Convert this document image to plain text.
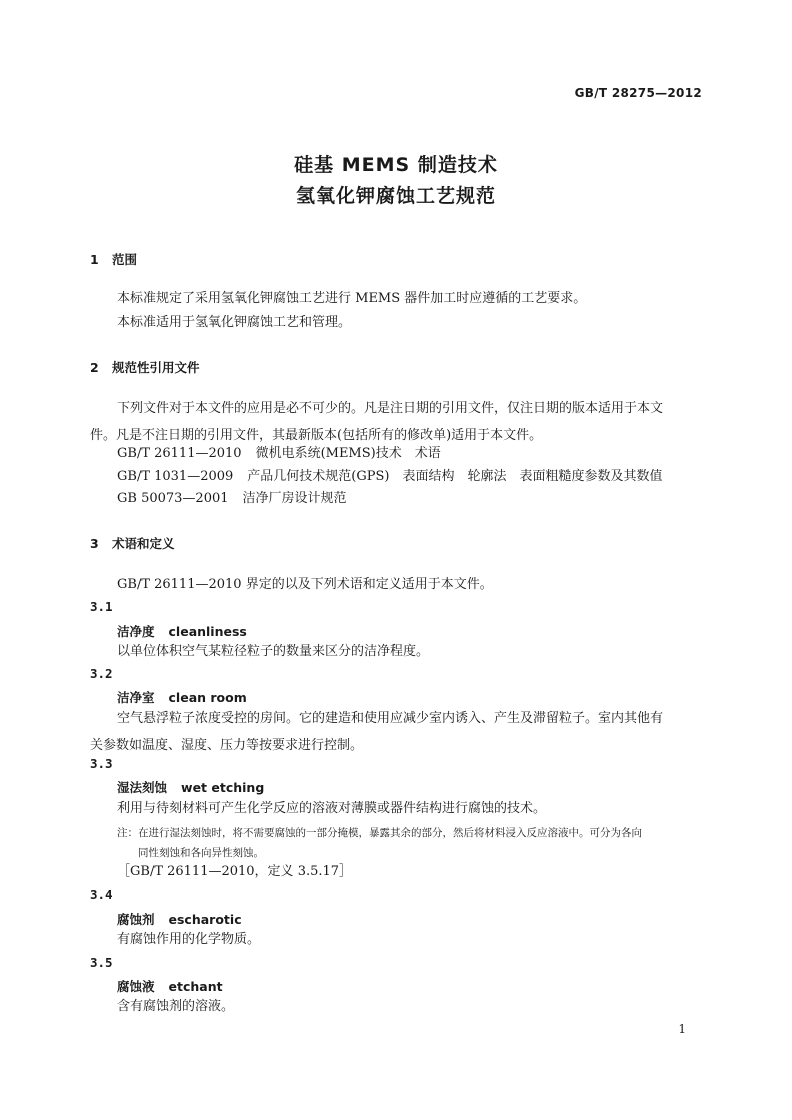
GB/T 28275—2012
硅基 MEMS 制造技术
氢氧化钾腐蚀工艺规范
1 范围
本标准规定了采用氢氧化钾腐蚀工艺进行 MEMS 器件加工时应遵循的工艺要求。
本标准适用于氢氧化钾腐蚀工艺和管理。
2 规范性引用文件
下列文件对于本文件的应用是必不可少的。凡是注日期的引用文件，仅注日期的版本适用于本文
件。凡是不注日期的引用文件，其最新版本(包括所有的修改单)适用于本文件。
GB/T 26111—2010 微机电系统(MEMS)技术　术语
GB/T 1031—2009 产品几何技术规范(GPS)　表面结构　轮廓法　表面粗糙度参数及其数值
GB 50073—2001 洁净厂房设计规范
3 术语和定义
GB/T 26111—2010 界定的以及下列术语和定义适用于本文件。
3.1
洁净度 cleanliness
以单位体积空气某粒径粒子的数量来区分的洁净程度。
3.2
洁净室 clean room
空气悬浮粒子浓度受控的房间。它的建造和使用应减少室内诱入、产生及滞留粒子。室内其他有
关参数如温度、湿度、压力等按要求进行控制。
3.3
湿法刻蚀 wet etching
利用与待刻材料可产生化学反应的溶液对薄膜或器件结构进行腐蚀的技术。
注：在进行湿法刻蚀时，将不需要腐蚀的一部分掩模，暴露其余的部分，然后将材料浸入反应溶液中。可分为各向
同性刻蚀和各向异性刻蚀。
［GB/T 26111—2010，定义 3.5.17］
3.4
腐蚀剂 escharotic
有腐蚀作用的化学物质。
3.5
腐蚀液 etchant
含有腐蚀剂的溶液。
1
